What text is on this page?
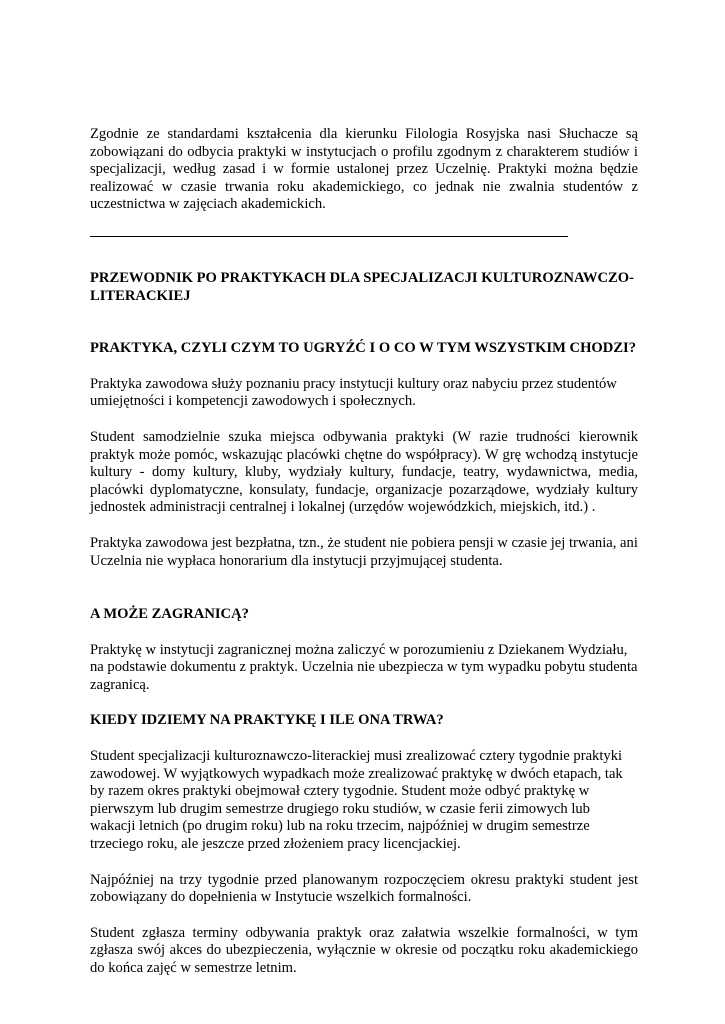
Zgodnie ze standardami kształcenia dla kierunku Filologia Rosyjska nasi Słuchacze są zobowiązani do odbycia praktyki w instytucjach o profilu zgodnym z charakterem studiów i specjalizacji, według zasad i w formie ustalonej przez Uczelnię. Praktyki można będzie realizować w czasie trwania roku akademickiego, co jednak nie zwalnia studentów z uczestnictwa w zajęciach akademickich.

PRZEWODNIK PO PRAKTYKACH DLA SPECJALIZACJI KULTUROZNAWCZO-LITERACKIEJ
PRAKTYKA, CZYLI CZYM TO UGRYŹĆ I O CO W TYM WSZYSTKIM CHODZI?

Praktyka zawodowa służy poznaniu pracy instytucji kultury oraz nabyciu przez studentów umiejętności i kompetencji zawodowych i społecznych.

Student samodzielnie szuka miejsca odbywania praktyki (W razie trudności kierownik praktyk może pomóc, wskazując placówki chętne do współpracy). W grę wchodzą instytucje kultury - domy kultury, kluby, wydziały kultury, fundacje, teatry, wydawnictwa, media, placówki dyplomatyczne, konsulaty, fundacje, organizacje pozarządowe, wydziały kultury jednostek administracji centralnej i lokalnej (urzędów wojewódzkich, miejskich, itd.) .

Praktyka zawodowa jest bezpłatna, tzn., że student nie pobiera pensji w czasie jej trwania, ani Uczelnia nie wypłaca honorarium dla instytucji przyjmującej studenta.

A MOŻE ZAGRANICĄ?

Praktykę w instytucji zagranicznej można zaliczyć w porozumieniu z Dziekanem Wydziału, na podstawie dokumentu z praktyk. Uczelnia nie ubezpiecza w tym wypadku pobytu studenta zagranicą.

KIEDY IDZIEMY NA PRAKTYKĘ I ILE ONA TRWA?

Student specjalizacji kulturoznawczo-literackiej musi zrealizować cztery tygodnie praktyki zawodowej. W wyjątkowych wypadkach może zrealizować praktykę w dwóch etapach, tak by razem okres praktyki obejmował cztery tygodnie. Student może odbyć praktykę w pierwszym lub drugim semestrze drugiego roku studiów, w czasie ferii zimowych lub wakacji letnich (po drugim roku) lub na roku trzecim, najpóźniej w drugim semestrze trzeciego roku, ale jeszcze przed złożeniem pracy licencjackiej.

Najpóźniej na trzy tygodnie przed planowanym rozpoczęciem okresu praktyki student jest zobowiązany do dopełnienia w Instytucie wszelkich formalności.

Student zgłasza terminy odbywania praktyk oraz załatwia wszelkie formalności, w tym zgłasza swój akces do ubezpieczenia, wyłącznie w okresie od początku roku akademickiego do końca zajęć w semestrze letnim.
